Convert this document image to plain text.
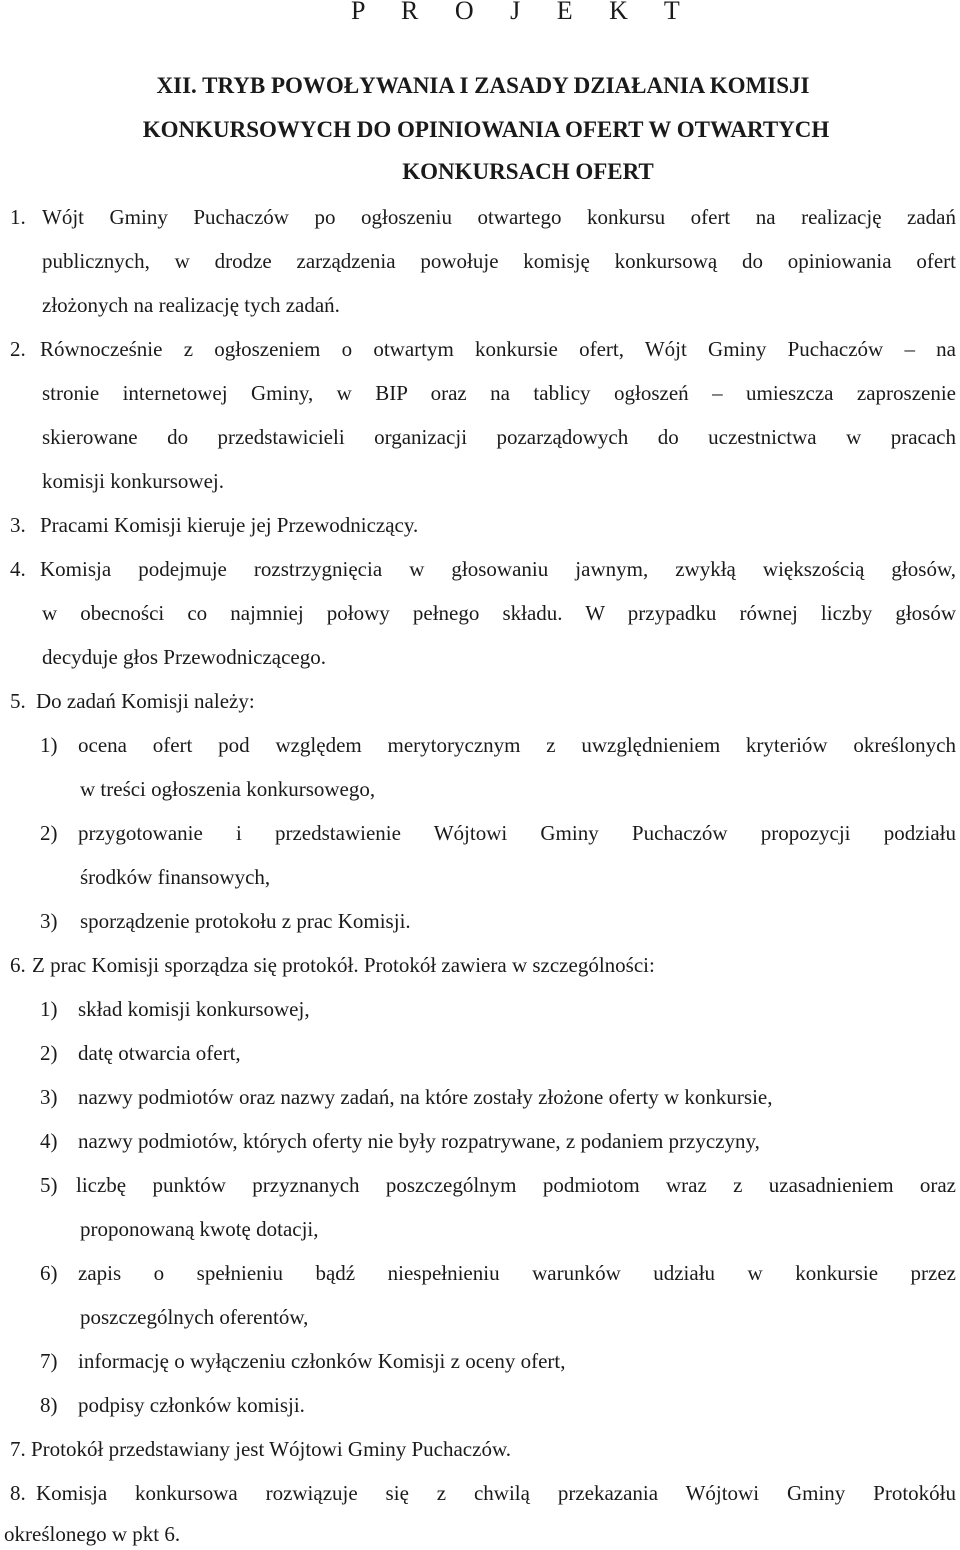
P R O J E K T
XII. TRYB POWOŁYWANIA I ZASADY DZIAŁANIA KOMISJI
KONKURSOWYCH DO OPINIOWANIA OFERT W OTWARTYCH
KONKURSACH OFERT
1. Wójt Gminy Puchaczów po ogłoszeniu otwartego konkursu ofert na realizację zadań
publicznych, w drodze zarządzenia powołuje komisję konkursową do opiniowania ofert
złożonych na realizację tych zadań.
2. Równocześnie z ogłoszeniem o otwartym konkursie ofert, Wójt Gminy Puchaczów – na
stronie internetowej Gminy, w BIP oraz na tablicy ogłoszeń – umieszcza zaproszenie
skierowane do przedstawicieli organizacji pozarządowych do uczestnictwa w pracach
komisji konkursowej.
3. Pracami Komisji kieruje jej Przewodniczący.
4. Komisja podejmuje rozstrzygnięcia w głosowaniu jawnym, zwykłą większością głosów,
w obecności co najmniej połowy pełnego składu. W przypadku równej liczby głosów
decyduje głos Przewodniczącego.
5. Do zadań Komisji należy:
1) ocena ofert pod względem merytorycznym z uwzględnieniem kryteriów określonych
w treści ogłoszenia konkursowego,
2) przygotowanie i przedstawienie Wójtowi Gminy Puchaczów propozycji podziału
środków finansowych,
3) sporządzenie protokołu z prac Komisji.
6. Z prac Komisji sporządza się protokół. Protokół zawiera w szczególności:
1) skład komisji konkursowej,
2) datę otwarcia ofert,
3) nazwy podmiotów oraz nazwy zadań, na które zostały złożone oferty w konkursie,
4) nazwy podmiotów, których oferty nie były rozpatrywane, z podaniem przyczyny,
5) liczbę punktów przyznanych poszczególnym podmiotom wraz z uzasadnieniem oraz
proponowaną kwotę dotacji,
6) zapis o spełnieniu bądź niespełnieniu warunków udziału w konkursie przez
poszczególnych oferentów,
7) informację o wyłączeniu członków Komisji z oceny ofert,
8) podpisy członków komisji.
7. Protokół przedstawiany jest Wójtowi Gminy Puchaczów.
8. Komisja konkursowa rozwiązuje się z chwilą przekazania Wójtowi Gminy Protokółu
określonego w pkt 6.
